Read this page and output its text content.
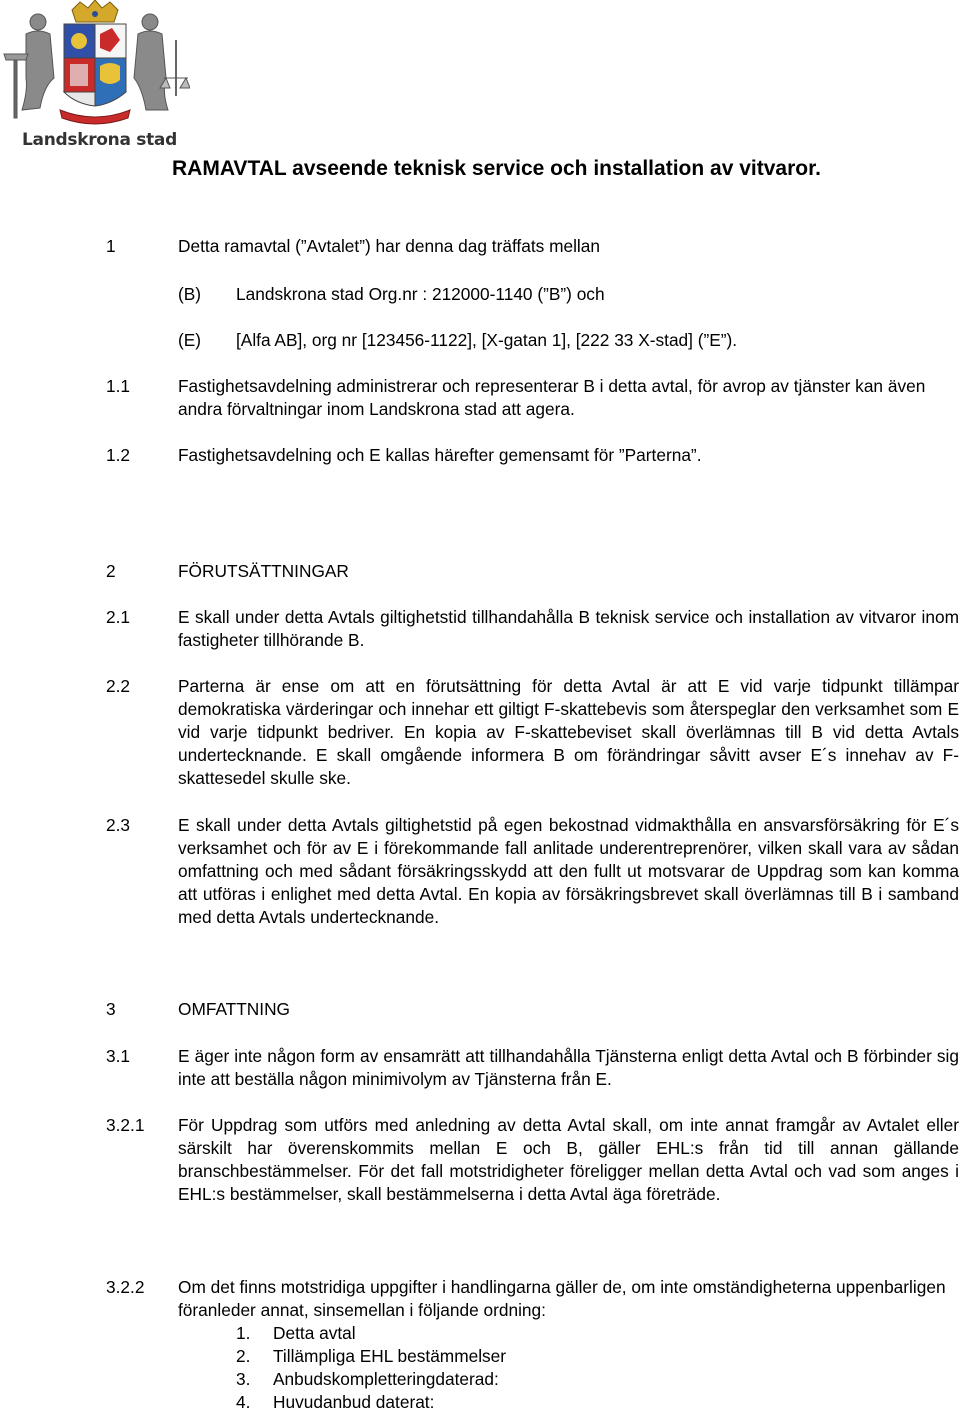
Landskrona stad
RAMAVTAL avseende teknisk service och installation av vitvaror.
1	Detta ramavtal (”Avtalet”) har denna dag träffats mellan
(B) Landskrona stad Org.nr : 212000-1140 (”B”) och
(E) [Alfa AB], org nr [123456-1122], [X-gatan 1], [222 33 X-stad] (”E”).
1.1	Fastighetsavdelning administrerar och representerar B i detta avtal, för avrop av tjänster kan även andra förvaltningar inom Landskrona stad att agera.
1.2	Fastighetsavdelning och E kallas härefter gemensamt för ”Parterna”.
2	FÖRUTSÄTTNINGAR
2.1	E skall under detta Avtals giltighetstid tillhandahålla B teknisk service och installation av vitvaror inom fastigheter tillhörande B.
2.2	Parterna är ense om att en förutsättning för detta Avtal är att E vid varje tidpunkt tillämpar demokratiska värderingar och innehar ett giltigt F-skattebevis som återspeglar den verksamhet som E vid varje tidpunkt bedriver. En kopia av F-skattebeviset skall överlämnas till B vid detta Avtals undertecknande. E skall omgående informera B om förändringar såvitt avser E´s innehav av F-skattesedel skulle ske.
2.3	E skall under detta Avtals giltighetstid på egen bekostnad vidmakthålla en ansvarsförsäkring för E´s verksamhet och för av E i förekommande fall anlitade underentreprenörer, vilken skall vara av sådan omfattning och med sådant försäkringsskydd att den fullt ut motsvarar de Uppdrag som kan komma att utföras i enlighet med detta Avtal. En kopia av försäkringsbrevet skall överlämnas till B i samband med detta Avtals undertecknande.
3	OMFATTNING
3.1	E äger inte någon form av ensamrätt att tillhandahålla Tjänsterna enligt detta Avtal och B förbinder sig inte att beställa någon minimivolym av Tjänsterna från E.
3.2.1 För Uppdrag som utförs med anledning av detta Avtal skall, om inte annat framgår av Avtalet eller särskilt har överenskommits mellan E och B, gäller EHL:s från tid till annan gällande branschbestämmelser. För det fall motstridigheter föreligger mellan detta Avtal och vad som anges i EHL:s bestämmelser, skall bestämmelserna i detta Avtal äga företräde.
3.2.2 Om det finns motstridiga uppgifter i handlingarna gäller de, om inte omständigheterna uppenbarligen föranleder annat, sinsemellan i följande ordning:
1. Detta avtal
2. Tillämpliga EHL bestämmelser
3. Anbudskompletteringdaterad:
4. Huvudanbud daterat:
